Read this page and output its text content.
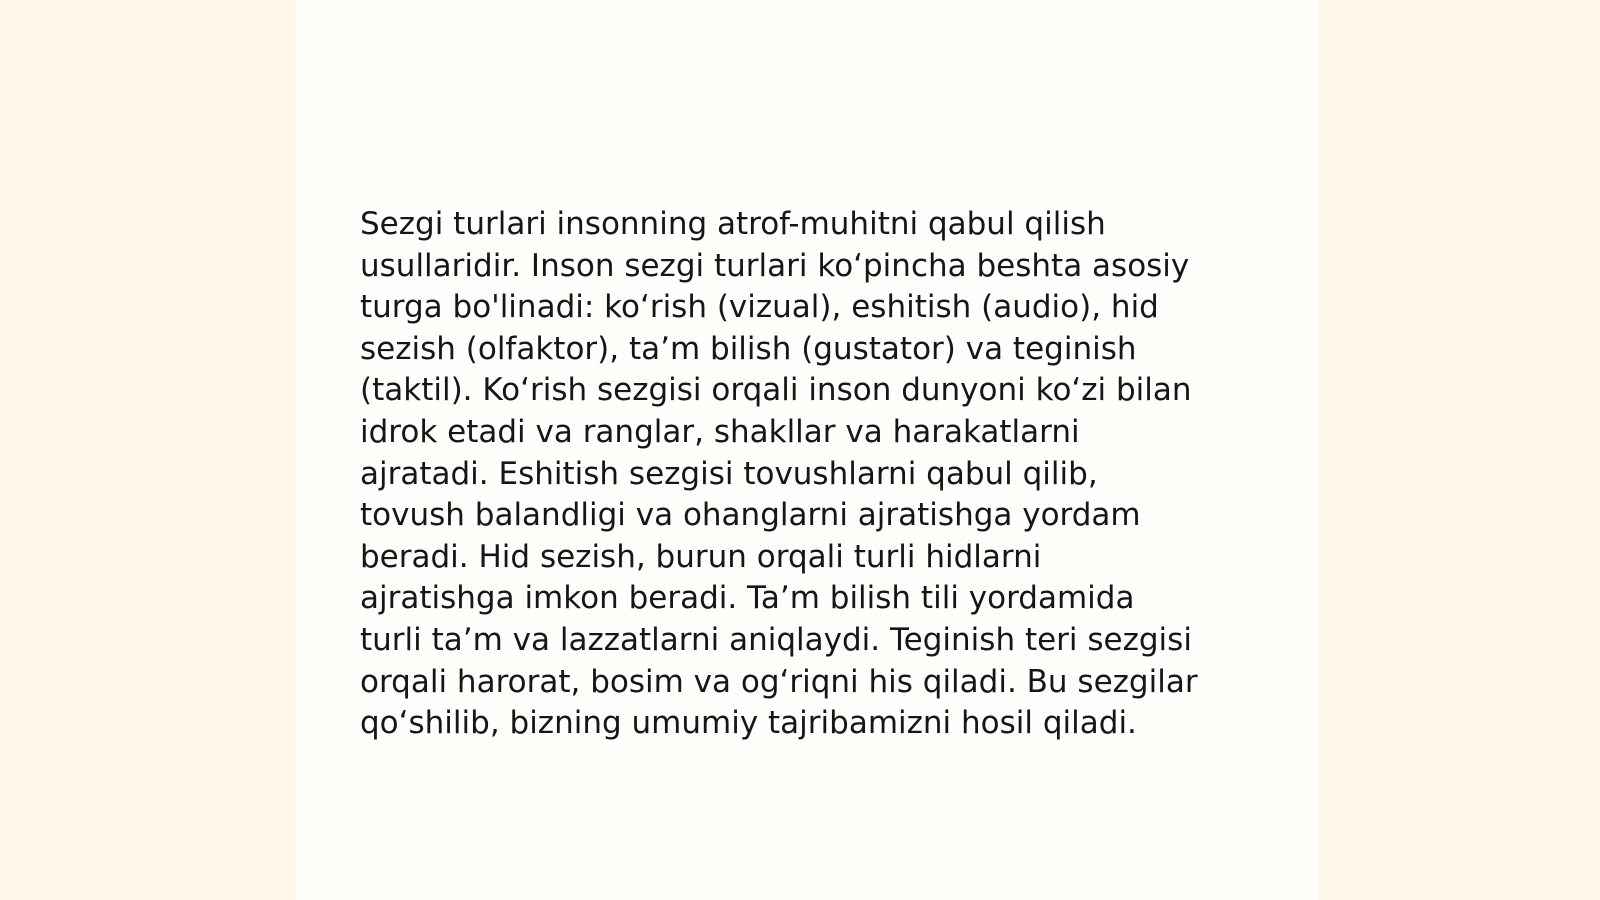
Sezgi turlari insonning atrof-muhitni qabul qilish
usullaridir. Inson sezgi turlari koʻpincha beshta asosiy
turga bo'linadi: koʻrish (vizual), eshitish (audio), hid
sezish (olfaktor), ta’m bilish (gustator) va teginish
(taktil). Koʻrish sezgisi orqali inson dunyoni koʻzi bilan
idrok etadi va ranglar, shakllar va harakatlarni
ajratadi. Eshitish sezgisi tovushlarni qabul qilib,
tovush balandligi va ohanglarni ajratishga yordam
beradi. Hid sezish, burun orqali turli hidlarni
ajratishga imkon beradi. Ta’m bilish tili yordamida
turli ta’m va lazzatlarni aniqlaydi. Teginish teri sezgisi
orqali harorat, bosim va ogʻriqni his qiladi. Bu sezgilar
qoʻshilib, bizning umumiy tajribamizni hosil qiladi.
